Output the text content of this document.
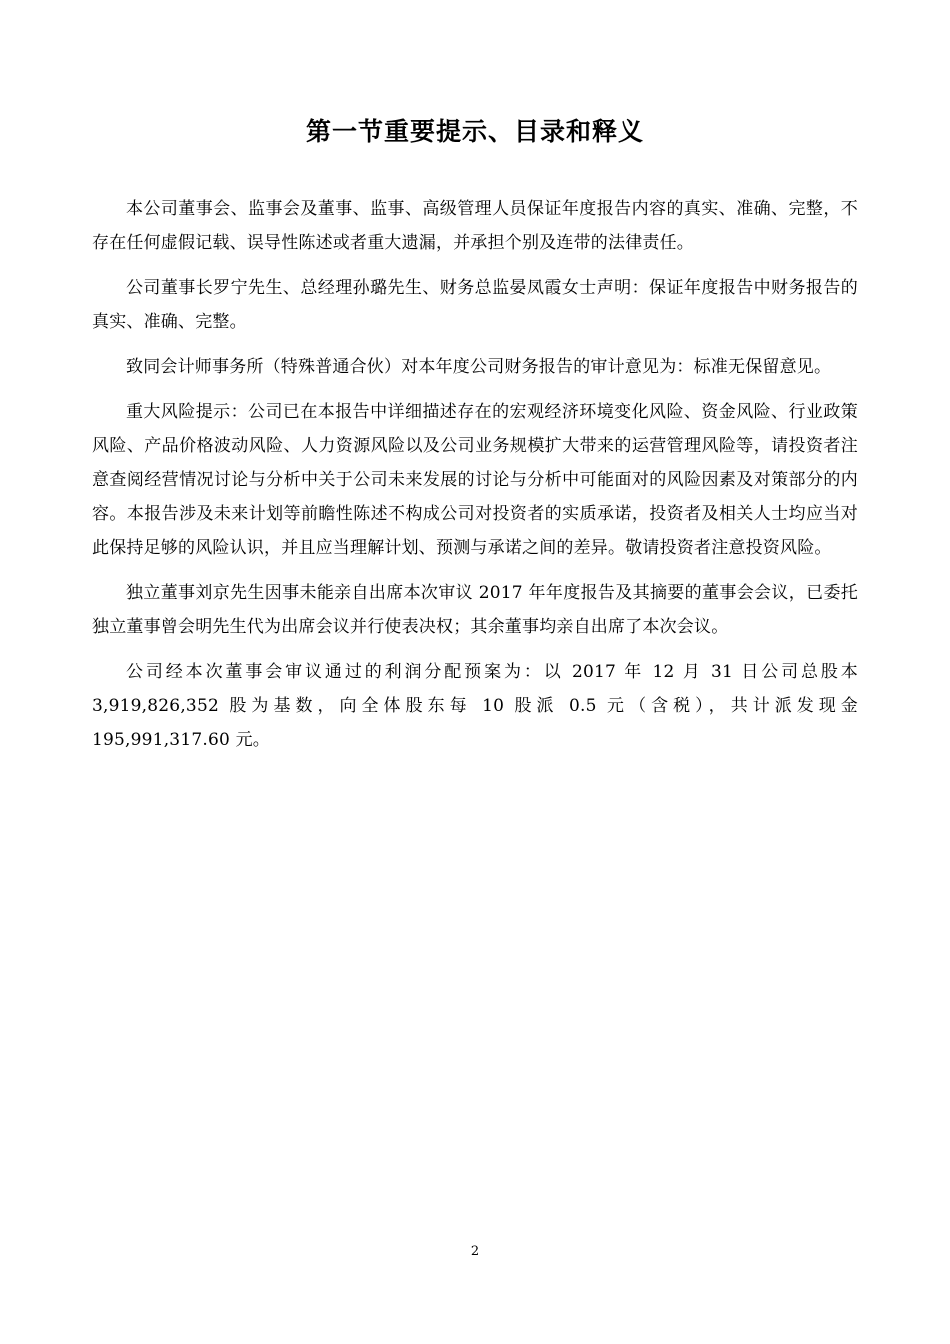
第一节重要提示、目录和释义

本公司董事会、监事会及董事、监事、高级管理人员保证年度报告内容的真实、准确、完整，不存在任何虚假记载、误导性陈述或者重大遗漏，并承担个别及连带的法律责任。

公司董事长罗宁先生、总经理孙璐先生、财务总监晏凤霞女士声明：保证年度报告中财务报告的真实、准确、完整。

致同会计师事务所（特殊普通合伙）对本年度公司财务报告的审计意见为：标准无保留意见。

重大风险提示：公司已在本报告中详细描述存在的宏观经济环境变化风险、资金风险、行业政策风险、产品价格波动风险、人力资源风险以及公司业务规模扩大带来的运营管理风险等，请投资者注意查阅经营情况讨论与分析中关于公司未来发展的讨论与分析中可能面对的风险因素及对策部分的内容。本报告涉及未来计划等前瞻性陈述不构成公司对投资者的实质承诺，投资者及相关人士均应当对此保持足够的风险认识，并且应当理解计划、预测与承诺之间的差异。敬请投资者注意投资风险。

独立董事刘京先生因事未能亲自出席本次审议 2017 年年度报告及其摘要的董事会会议，已委托独立董事曾会明先生代为出席会议并行使表决权；其余董事均亲自出席了本次会议。

公司经本次董事会审议通过的利润分配预案为：以 2017 年 12 月 31 日公司总股本 3,919,826,352 股为基数，向全体股东每 10 股派 0.5 元（含税），共计派发现金 195,991,317.60 元。

2
